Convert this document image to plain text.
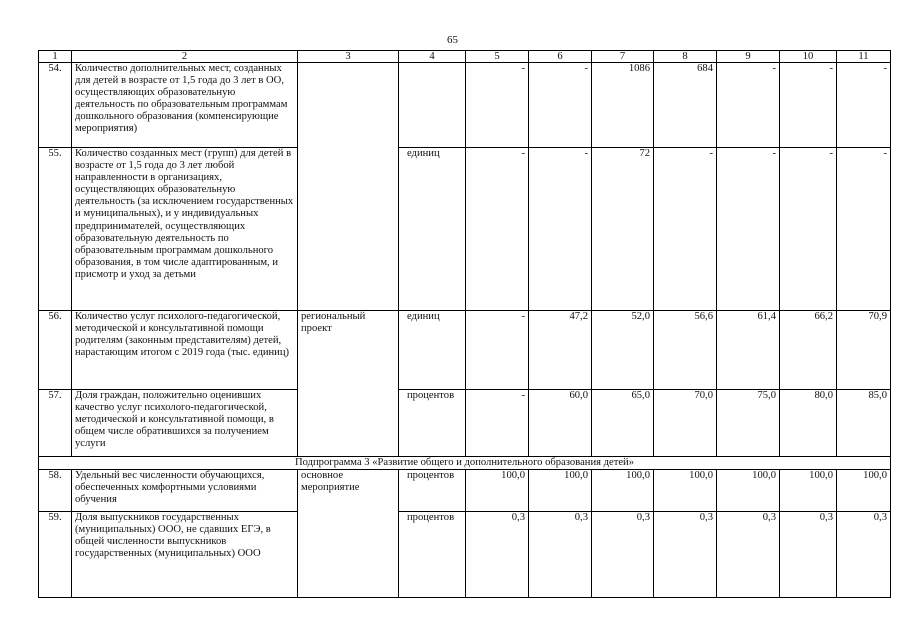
65
1	2	3	4	5	6	7	8	9	10	11
54.	Количество дополнительных мест, созданных для детей в возрасте от 1,5 года до 3 лет в ОО, осуществляющих образовательную деятельность по образовательным программам дошкольного образования (компенсирующие мероприятия)			-	-	1086	684	-	-	-
55.	Количество созданных мест (групп) для детей в возрасте от 1,5 года до 3 лет любой направленности в организациях, осуществляющих образовательную деятельность (за исключением государственных и муниципальных), и у индивидуальных предпринимателей, осуществляющих образовательную деятельность по образовательным программам дошкольного образования, в том числе адаптированным, и присмотр и уход за детьми		единиц	-	-	72	-	-	-	-
56.	Количество услуг психолого-педагогической, методической и консультативной помощи родителям (законным представителям) детей, нарастающим итогом с 2019 года (тыс. единиц)	региональный проект	единиц	-	47,2	52,0	56,6	61,4	66,2	70,9
57.	Доля граждан, положительно оценивших качество услуг психолого-педагогической, методической и консультативной помощи, в общем числе обратившихся за получением услуги		процентов	-	60,0	65,0	70,0	75,0	80,0	85,0
Подпрограмма 3 «Развитие общего и дополнительного образования детей»										
58.	Удельный вес численности обучающихся, обеспеченных комфортными условиями обучения	основное мероприятие	процентов	100,0	100,0	100,0	100,0	100,0	100,0	100,0
59.	Доля выпускников государственных (муниципальных) ООО, не сдавших ЕГЭ, в общей численности выпускников государственных (муниципальных) ООО		процентов	0,3	0,3	0,3	0,3	0,3	0,3	0,3
